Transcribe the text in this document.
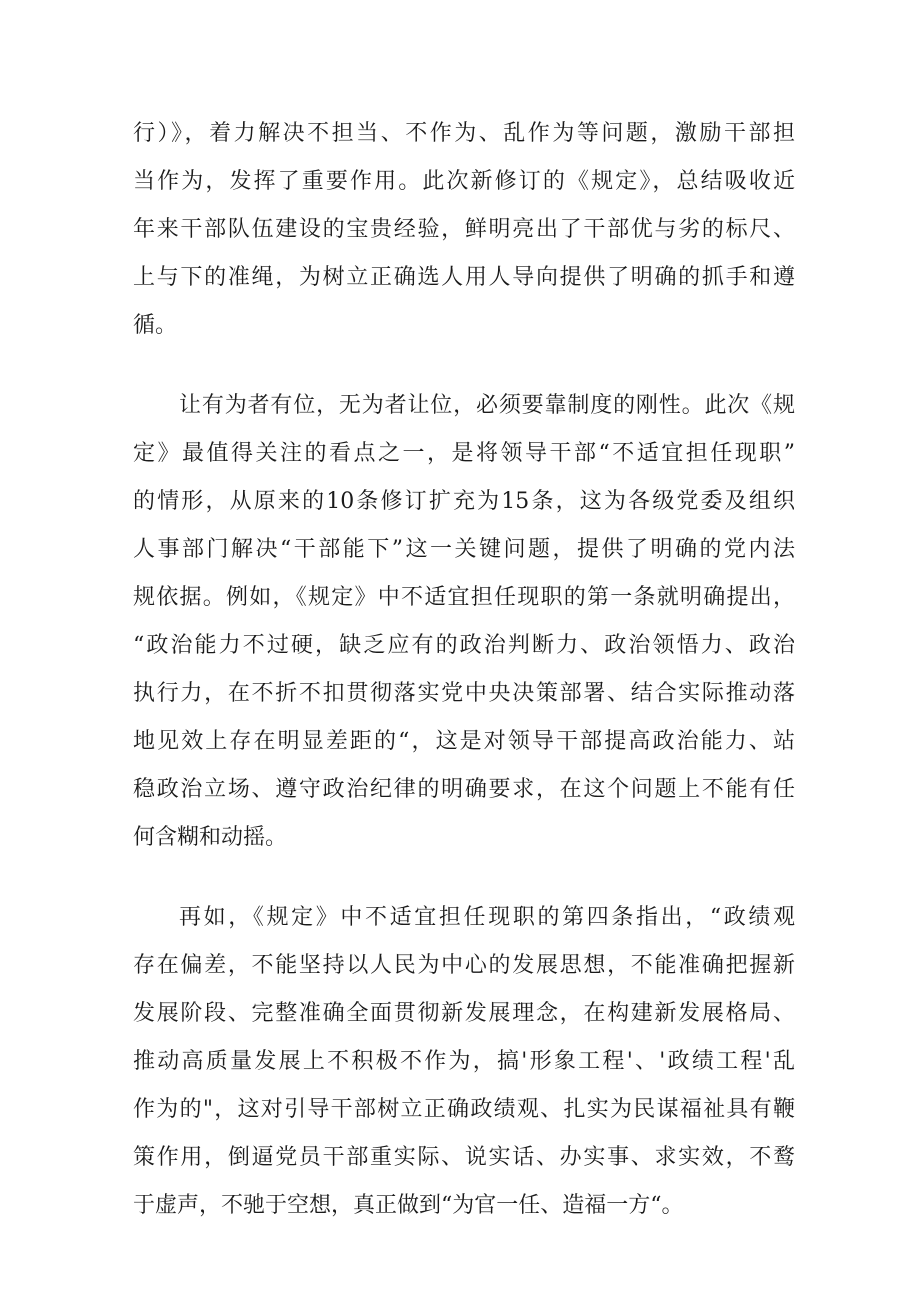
行）》，着力解决不担当、不作为、乱作为等问题，激励干部担
当作为，发挥了重要作用。此次新修订的《规定》，总结吸收近
年来干部队伍建设的宝贵经验，鲜明亮出了干部优与劣的标尺、
上与下的准绳，为树立正确选人用人导向提供了明确的抓手和遵
循。
让有为者有位，无为者让位，必须要靠制度的刚性。此次《规
定》最值得关注的看点之一，是将领导干部“不适宜担任现职”
的情形，从原来的10条修订扩充为15条，这为各级党委及组织
人事部门解决“干部能下”这一关键问题，提供了明确的党内法
规依据。例如，《规定》中不适宜担任现职的第一条就明确提出，
“政治能力不过硬，缺乏应有的政治判断力、政治领悟力、政治
执行力，在不折不扣贯彻落实党中央决策部署、结合实际推动落
地见效上存在明显差距的“，这是对领导干部提高政治能力、站
稳政治立场、遵守政治纪律的明确要求，在这个问题上不能有任
何含糊和动摇。
再如，《规定》中不适宜担任现职的第四条指出，“政绩观
存在偏差，不能坚持以人民为中心的发展思想，不能准确把握新
发展阶段、完整准确全面贯彻新发展理念，在构建新发展格局、
推动高质量发展上不积极不作为，搞'形象工程'、'政绩工程'乱
作为的"，这对引导干部树立正确政绩观、扎实为民谋福祉具有鞭
策作用，倒逼党员干部重实际、说实话、办实事、求实效，不鹜
于虚声，不驰于空想，真正做到“为官一任、造福一方“。
